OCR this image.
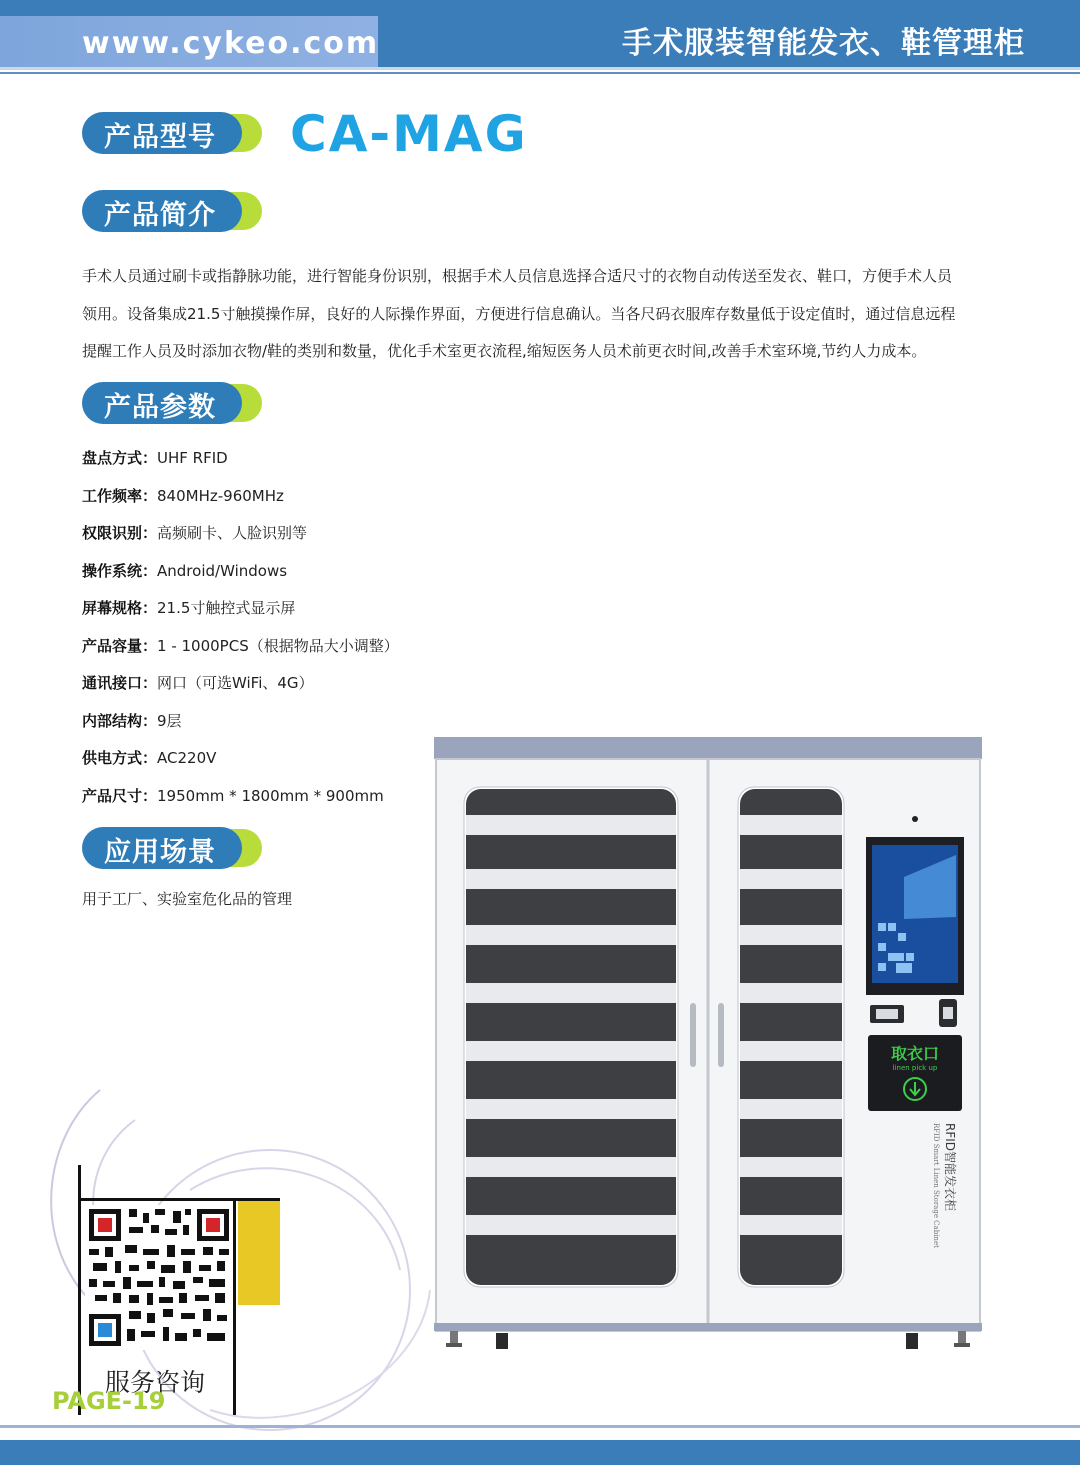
www.cykeo.com	手术服装智能发衣、鞋管理柜
产品型号 CA-MAG
产品简介
手术人员通过刷卡或指静脉功能，进行智能身份识别，根据手术人员信息选择合适尺寸的衣物自动传送至发衣、鞋口，方便手术人员
领用。设备集成21.5寸触摸操作屏，良好的人际操作界面，方便进行信息确认。当各尺码衣服库存数量低于设定值时，通过信息远程
提醒工作人员及时添加衣物/鞋的类别和数量，优化手术室更衣流程,缩短医务人员术前更衣时间,改善手术室环境,节约人力成本。
产品参数
盘点方式：UHF RFID
工作频率：840MHz-960MHz
权限识别：高频刷卡、人脸识别等
操作系统：Android/Windows
屏幕规格：21.5寸触控式显示屏
产品容量：1 - 1000PCS（根据物品大小调整）
通讯接口：网口（可选WiFi、4G）
内部结构：9层
供电方式：AC220V
产品尺寸：1950mm * 1800mm * 900mm
应用场景
用于工厂、实验室危化品的管理
服务咨询
PAGE-19
取衣口
linen pick up
RFID智能发衣柜
RFID Smart Linen Storage Cabinet
